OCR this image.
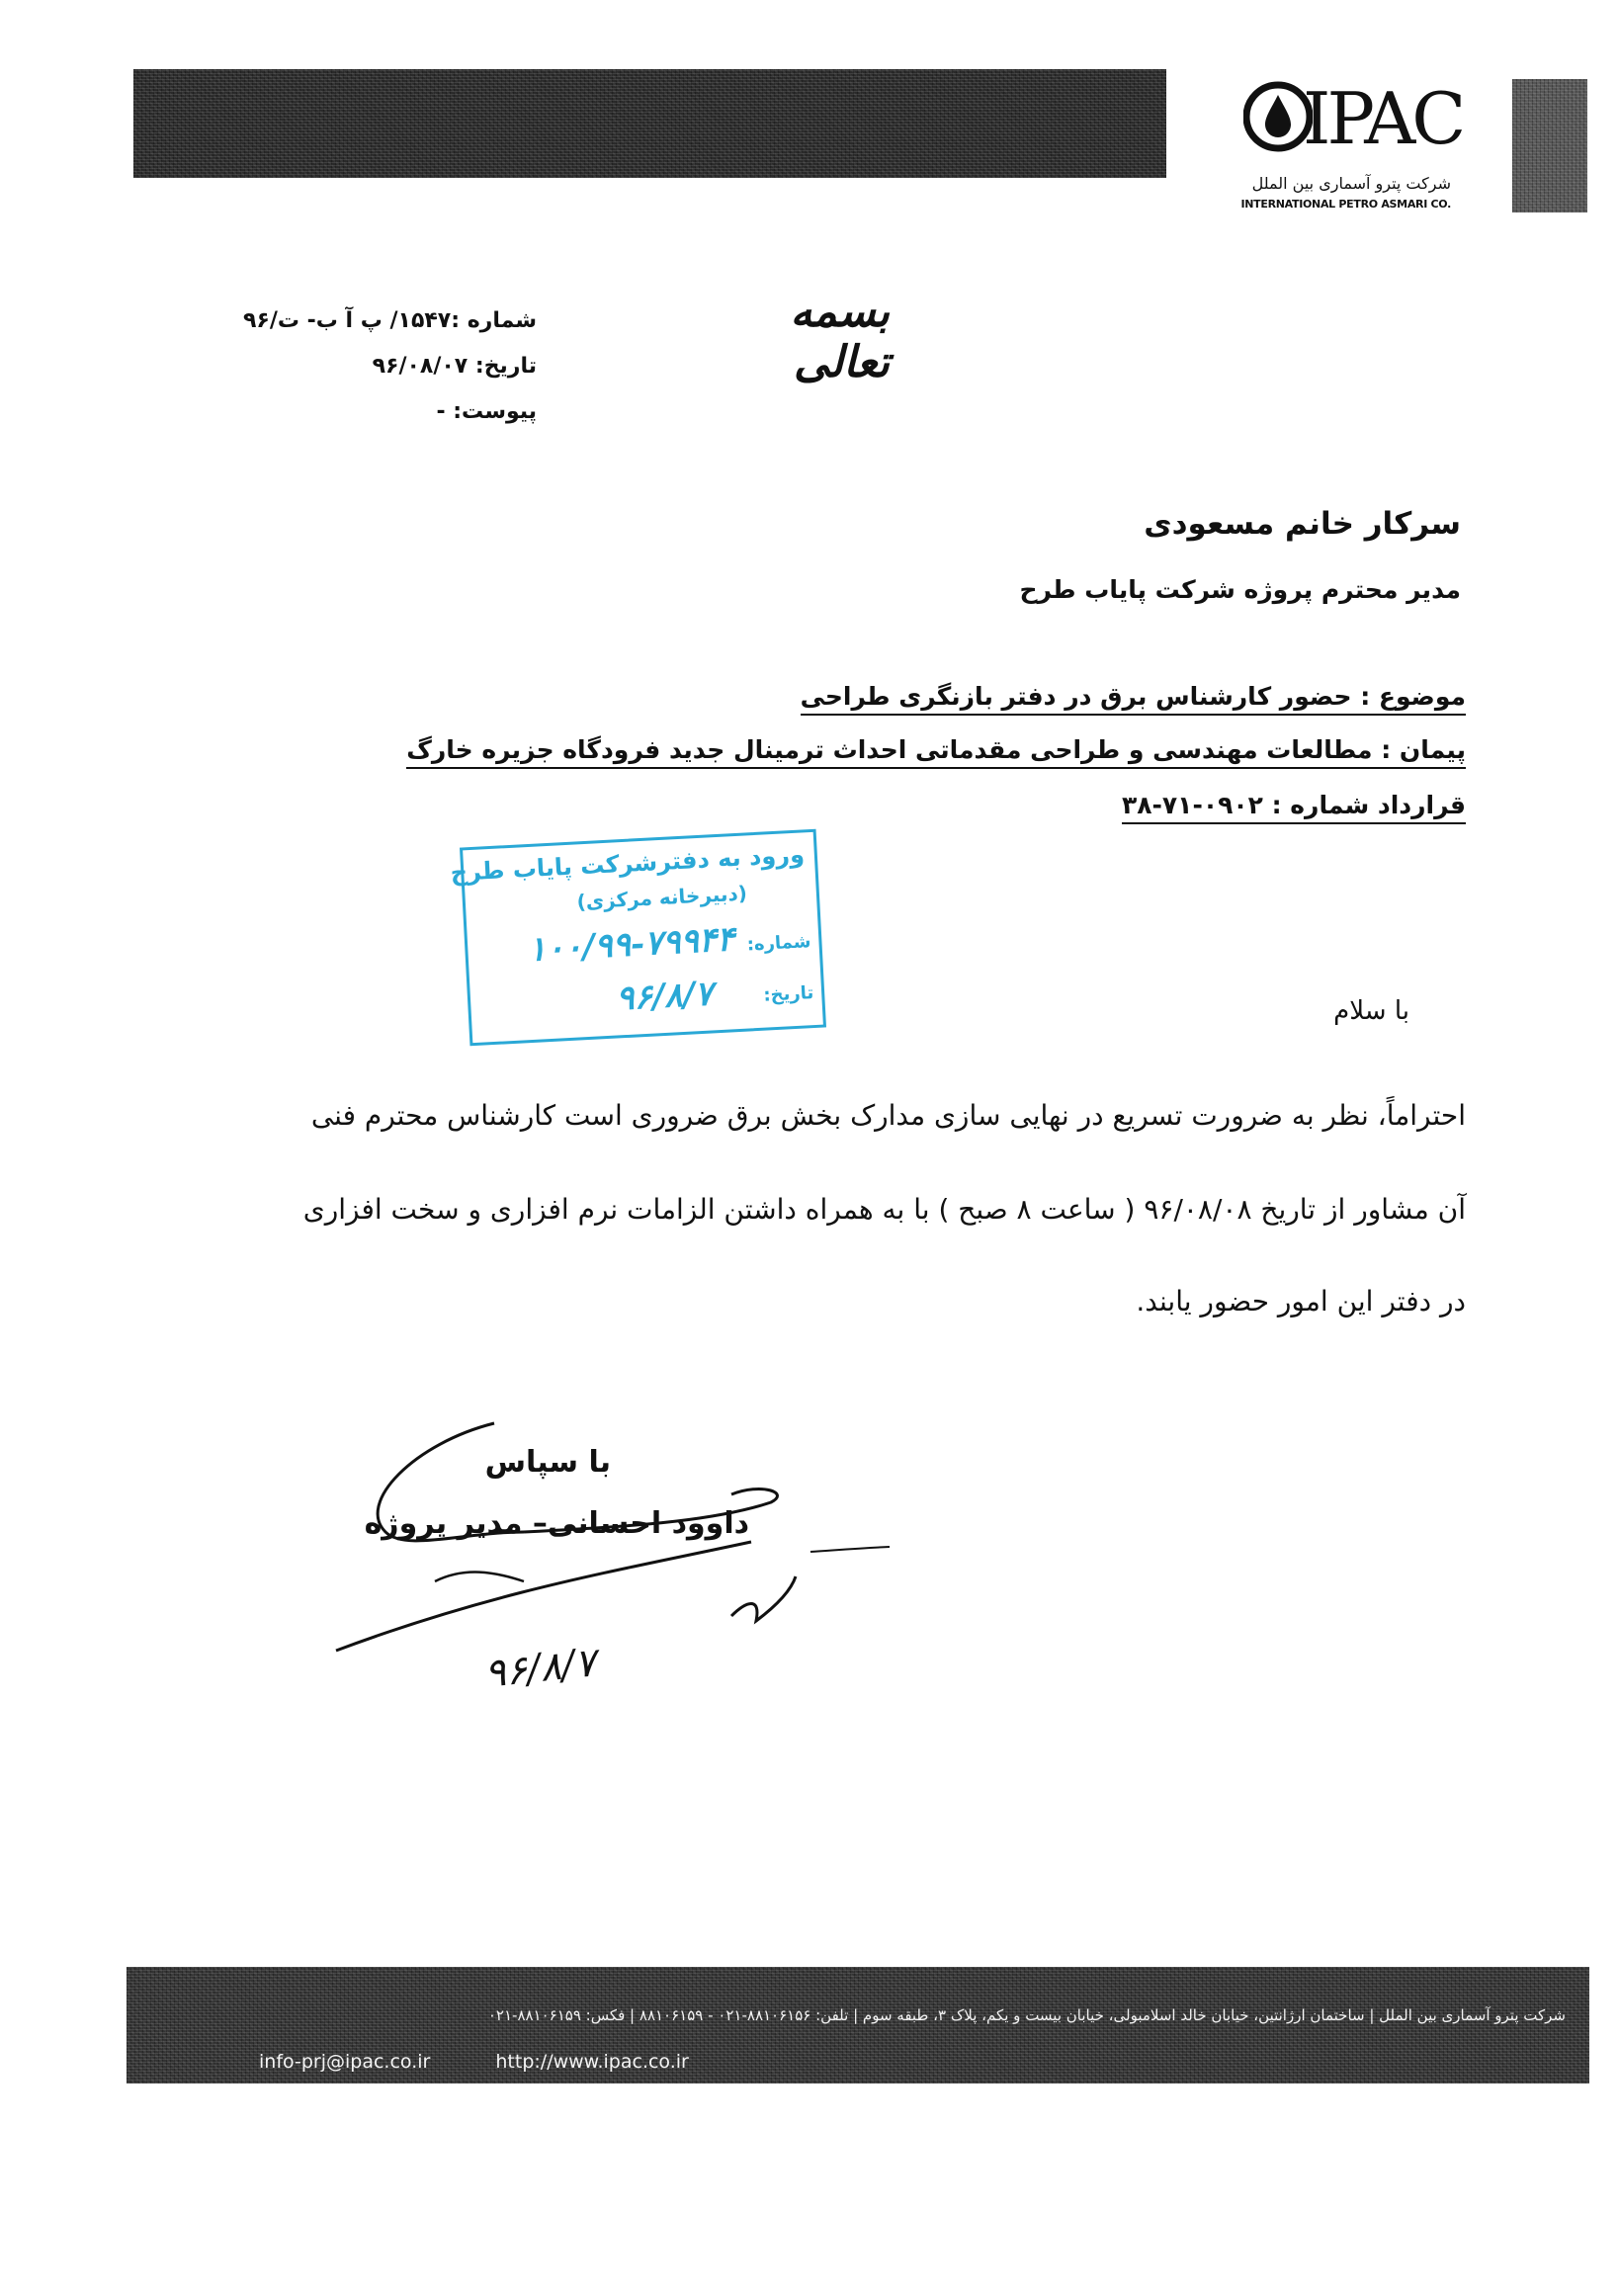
IPAC
شرکت پترو آسماری بین الملل
INTERNATIONAL PETRO ASMARI CO.
بسمه تعالی
شماره :۱۵۴۷/ پ آ ب- ت/۹۶
تاریخ: ۹۶/۰۸/۰۷
پیوست: -
سرکار خانم مسعودی
مدیر محترم پروژه شرکت پایاب طرح
موضوع : حضور کارشناس برق در دفتر بازنگری طراحی
پیمان : مطالعات مهندسی و طراحی مقدماتی احداث ترمینال جدید فرودگاه جزیره خارگ
قرارداد شماره : ۰۹۰۲-۷۱-۳۸
ورود به دفترشرکت پایاب طرح
(دبیرخانه مرکزی)
شماره:
۱۰۰/۹۹-۷۹۹۴۴
تاریخ:
۹۶/۸/۷	با سلام
احتراماً، نظر به ضرورت تسریع در نهایی سازی مدارک بخش برق ضروری است کارشناس محترم فنی
آن مشاور از تاریخ ۹۶/۰۸/۰۸ ( ساعت ۸ صبح ) با به همراه داشتن الزامات نرم افزاری و سخت افزاری
در دفتر این امور حضور یابند.
با سپاس
داوود احسانی– مدیر پروژه
۹۶/۸/۷
شرکت پترو آسماری بین الملل | ساختمان ارژانتین، خیابان خالد اسلامبولی، خیابان بیست و یکم، پلاک ۳، طبقه سوم | تلفن: ۸۸۱۰۶۱۵۶-۰۲۱ - ۸۸۱۰۶۱۵۹ | فکس: ۸۸۱۰۶۱۵۹-۰۲۱
info-prj@ipac.co.ir	http://www.ipac.co.ir
